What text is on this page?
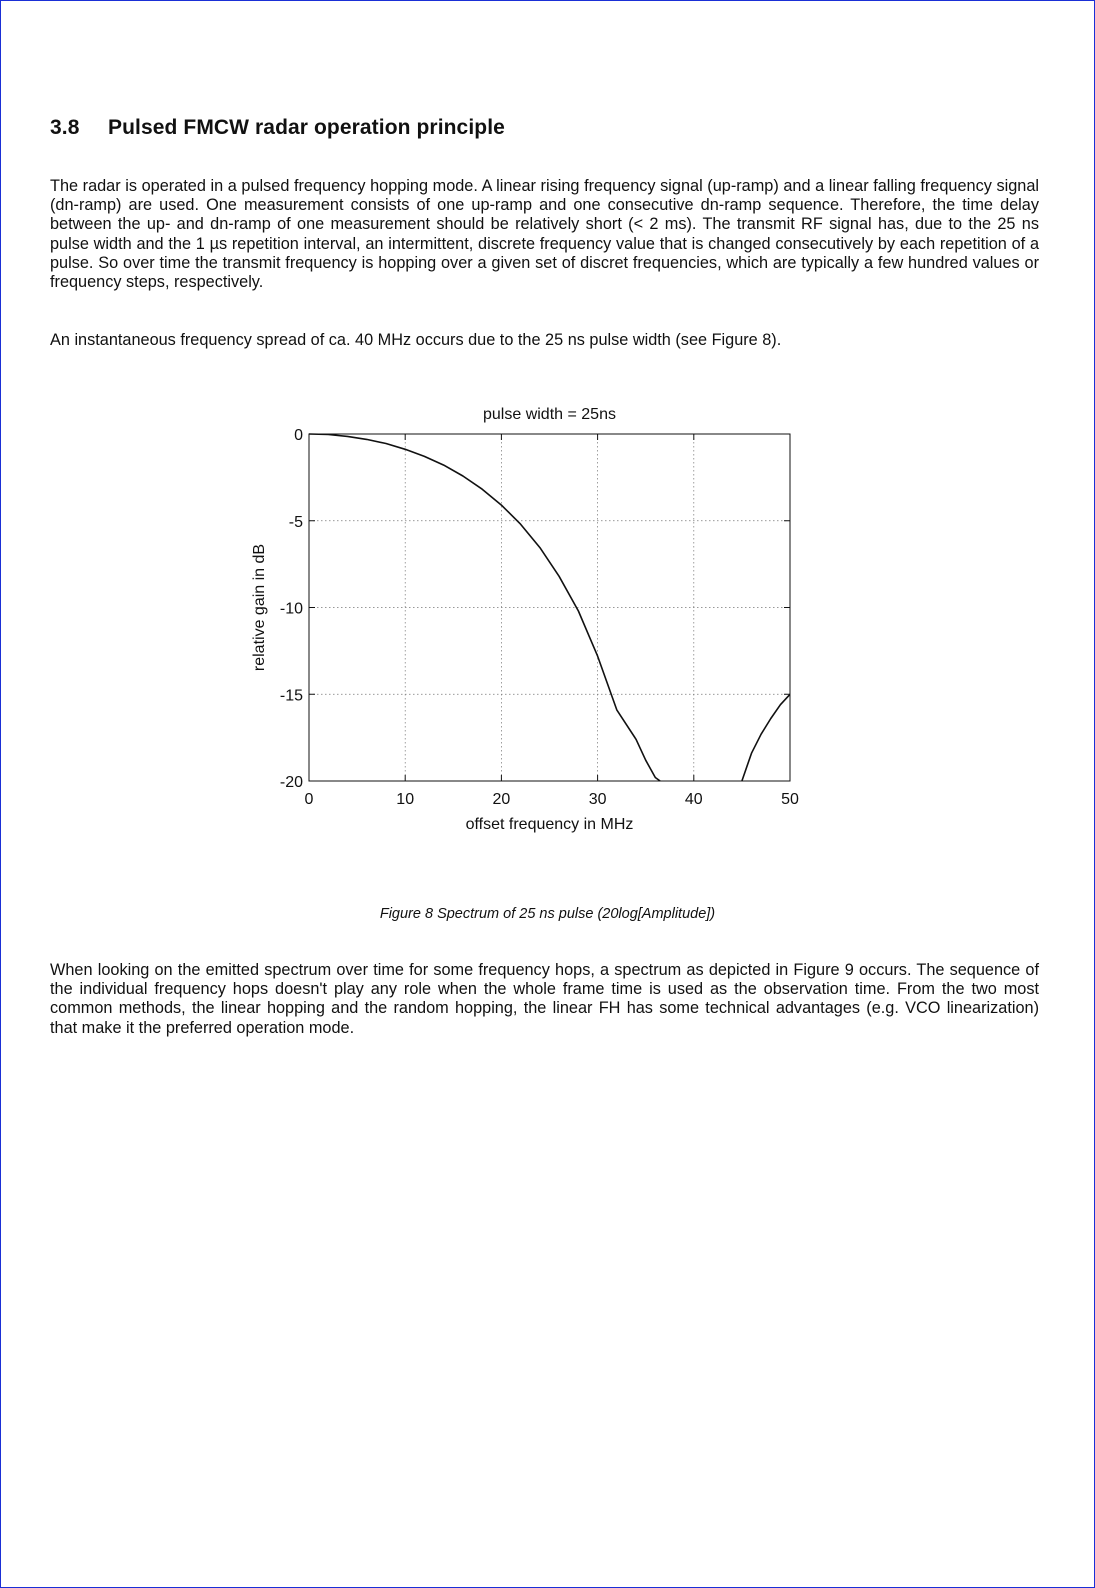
3.8 Pulsed FMCW radar operation principle

The radar is operated in a pulsed frequency hopping mode. A linear rising frequency signal (up-ramp) and a linear falling frequency signal (dn-ramp) are used. One measurement consists of one up-ramp and one consecutive dn-ramp sequence. Therefore, the time delay between the up- and dn-ramp of one measurement should be relatively short (< 2 ms). The transmit RF signal has, due to the 25 ns pulse width and the 1 µs repetition interval, an intermittent, discrete frequency value that is changed consecutively by each repetition of a pulse. So over time the transmit frequency is hopping over a given set of discret frequencies, which are typically a few hundred values or frequency steps, respectively.

An instantaneous frequency spread of ca. 40 MHz occurs due to the 25 ns pulse width (see Figure 8).

0	10	20	30	40	50
0
-5
-10
-15
-20
pulse width = 25ns
offset frequency in MHz
relative gain in dB
Figure 8 Spectrum of 25 ns pulse (20log[Amplitude])

When looking on the emitted spectrum over time for some frequency hops, a spectrum as depicted in Figure 9 occurs. The sequence of the individual frequency hops doesn't play any role when the whole frame time is used as the observation time. From the two most common methods, the linear hopping and the random hopping, the linear FH has some technical advantages (e.g. VCO linearization) that make it the preferred operation mode.
